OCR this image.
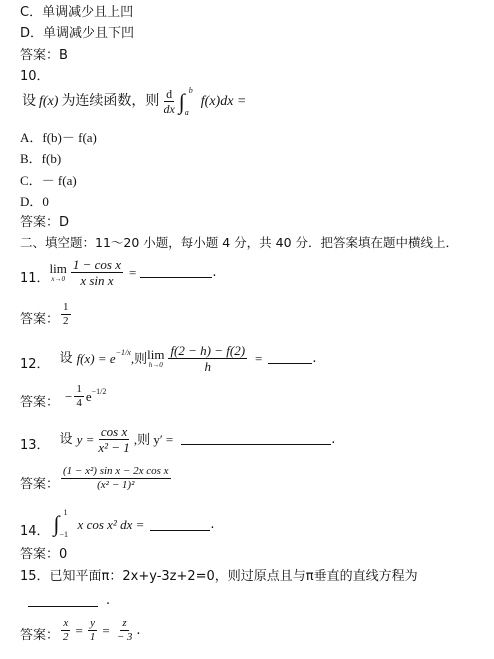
C．单调减少且上凹
D．单调减少且下凹
答案：B
10．
设 f(x) 为连续函数，则 $\frac{d}{dx}$ ∫ b
a
f(x)dx =
A．f(b)－ f(a)
B．f(b)
C．－ f(a)
D．0
答案：D
二、填空题：11～20 小题，每小题 4 分，共 40 分．把答案填在题中横线上．
11．
lim
$x\to 0 \frac{\text{1 − cos x}}{\text{x sin x}}$ =	.
答案： $\frac{1}{2}$
12． 设 $f(x) = e^{-1/x}$ ,则 lim
$h\to 0 \frac{f(2 - h) - f(2)}{h}$ =	.
答案： − $\frac{1}{4} e^{-1/2}$
13． 设 $y = \frac{\text{cos x}}{\text{x² − 1}}$ ,则 y′ =	.
答案： $\frac{\text{(1 − x²) sin x − 2x cos x}}{\text{(x² − 1)²}}$
14． ∫ 1
−1
x cos x² dx =	.
答案：0
15．已知平面π：2x+y-3z+2=0，则过原点且与π垂直的直线方程为
.
答案： $\frac{x}{2} = \frac{y}{1} = \frac{z}{- 3}$ .
